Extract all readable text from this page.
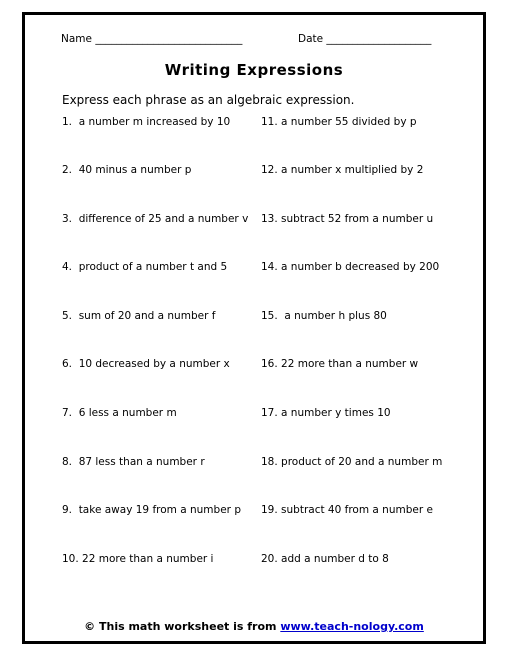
Name ____________________________	Date ____________________
Writing Expressions
Express each phrase as an algebraic expression.
1.  a number m increased by 10
2.  40 minus a number p
3.  difference of 25 and a number v
4.  product of a number t and 5
5.  sum of 20 and a number f
6.  10 decreased by a number x
7.  6 less a number m
8.  87 less than a number r
9.  take away 19 from a number p
10. 22 more than a number i
11. a number 55 divided by p
12. a number x multiplied by 2
13. subtract 52 from a number u
14. a number b decreased by 200
15.  a number h plus 80
16. 22 more than a number w
17. a number y times 10
18. product of 20 and a number m
19. subtract 40 from a number e
20. add a number d to 8
© This math worksheet is from www.teach-nology.com
